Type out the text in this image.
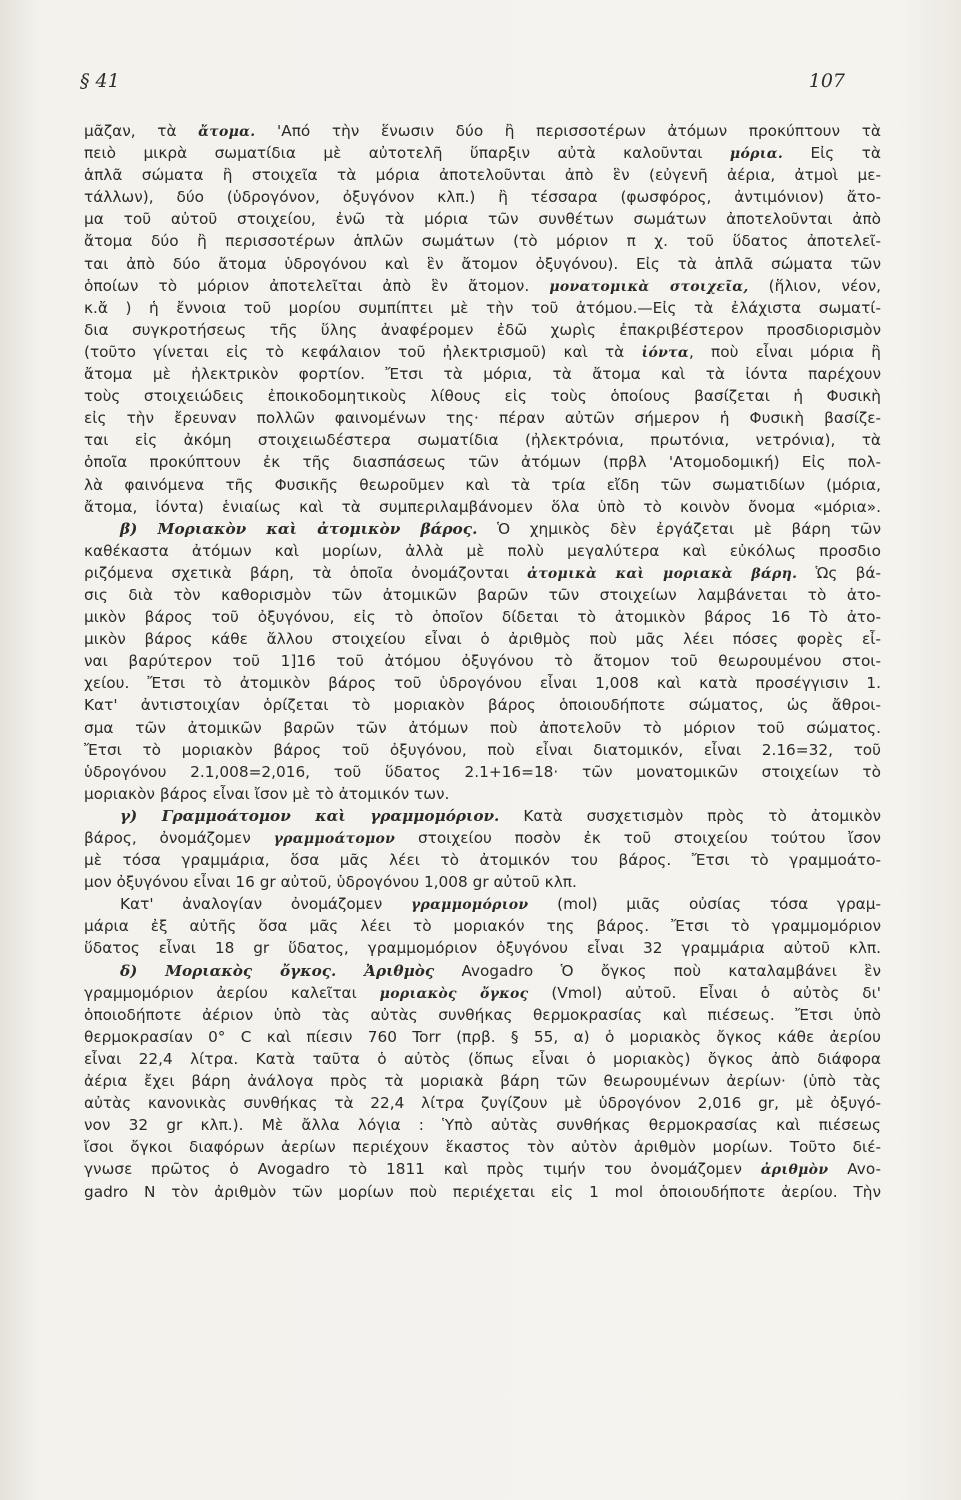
§ 41	107
μᾶζαν, τὰ ἄτομα. 'Από τὴν ἕνωσιν δύο ἢ περισσοτέρων ἀτόμων προκύπτουν τὰ
πειὸ μικρὰ σωματίδια μὲ αὐτοτελῆ ὕπαρξιν αὐτὰ καλοῦνται μόρια. Εἰς τὰ
ἁπλᾶ σώματα ἢ στοιχεῖα τὰ μόρια ἀποτελοῦνται ἀπὸ ἓν (εὐγενῆ ἀέρια, ἀτμοὶ με-
τάλλων), δύο (ὑδρογόνον, ὀξυγόνον κλπ.) ἢ τέσσαρα (φωσφόρος, ἀντιμόνιον) ἄτο-
μα τοῦ αὐτοῦ στοιχείου, ἐνῶ τὰ μόρια τῶν συνθέτων σωμάτων ἀποτελοῦνται ἀπὸ
ἄτομα δύο ἢ περισσοτέρων ἁπλῶν σωμάτων (τὸ μόριον π χ. τοῦ ὕδατος ἀποτελεῖ-
ται ἀπὸ δύο ἄτομα ὑδρογόνου καὶ ἓν ἄτομον ὀξυγόνου). Εἰς τὰ ἁπλᾶ σώματα τῶν
ὁποίων τὸ μόριον ἀποτελεῖται ἀπὸ ἓν ἄτομον. μονατομικὰ στοιχεῖα, (ἥλιον, νέον,
κ.ἄ ) ἡ ἔννοια τοῦ μορίου συμπίπτει μὲ τὴν τοῦ ἀτόμου.—Εἰς τὰ ἐλάχιστα σωματί-
δια συγκροτήσεως τῆς ὕλης ἀναφέρομεν ἐδῶ χωρὶς ἐπακριβέστερον προσδιορισμὸν
(τοῦτο γίνεται εἰς τὸ κεφάλαιον τοῦ ἠλεκτρισμοῦ) καὶ τὰ ἰόντα, ποὺ εἶναι μόρια ἢ
ἄτομα μὲ ἠλεκτρικὸν φορτίον. Ἔτσι τὰ μόρια, τὰ ἄτομα καὶ τὰ ἰόντα παρέχουν
τοὺς στοιχειώδεις ἐποικοδομητικοὺς λίθους εἰς τοὺς ὁποίους βασίζεται ἡ Φυσικὴ
εἰς τὴν ἔρευναν πολλῶν φαινομένων της· πέραν αὐτῶν σήμερον ἡ Φυσικὴ βασίζε-
ται εἰς ἀκόμη στοιχειωδέστερα σωματίδια (ἠλεκτρόνια, πρωτόνια, νετρόνια), τὰ
ὁποῖα προκύπτουν ἐκ τῆς διασπάσεως τῶν ἀτόμων (πρβλ 'Ατομοδομική) Εἰς πολ-
λὰ φαινόμενα τῆς Φυσικῆς θεωροῦμεν καὶ τὰ τρία εἴδη τῶν σωματιδίων (μόρια,
ἄτομα, ἰόντα) ἑνιαίως καὶ τὰ συμπεριλαμβάνομεν ὅλα ὑπὸ τὸ κοινὸν ὄνομα «μόρια».
β) Μοριακὸν καὶ ἀτομικὸν βάρος. Ὁ χημικὸς δὲν ἐργάζεται μὲ βάρη τῶν
καθέκαστα ἀτόμων καὶ μορίων, ἀλλὰ μὲ πολὺ μεγαλύτερα καὶ εὐκόλως προσδιο
ριζόμενα σχετικὰ βάρη, τὰ ὁποῖα ὀνομάζονται ἀτομικὰ καὶ μοριακὰ βάρη. Ὡς βά-
σις διὰ τὸν καθορισμὸν τῶν ἀτομικῶν βαρῶν τῶν στοιχείων λαμβάνεται τὸ ἀτο-
μικὸν βάρος τοῦ ὀξυγόνου, εἰς τὸ ὁποῖον δίδεται τὸ ἀτομικὸν βάρος 16 Τὸ ἀτο-
μικὸν βάρος κάθε ἄλλου στοιχείου εἶναι ὁ ἀριθμὸς ποὺ μᾶς λέει πόσες φορὲς εἶ-
ναι βαρύτερον τοῦ 1]16 τοῦ ἀτόμου ὀξυγόνου τὸ ἄτομον τοῦ θεωρουμένου στοι-
χείου. Ἔτσι τὸ ἀτομικὸν βάρος τοῦ ὑδρογόνου εἶναι 1,008 καὶ κατὰ προσέγγισιν 1.
Κατ' ἀντιστοιχίαν ὁρίζεται τὸ μοριακὸν βάρος ὁποιουδήποτε σώματος, ὡς ἄθροι-
σμα τῶν ἀτομικῶν βαρῶν τῶν ἀτόμων ποὺ ἀποτελοῦν τὸ μόριον τοῦ σώματος.
Ἔτσι τὸ μοριακὸν βάρος τοῦ ὀξυγόνου, ποὺ εἶναι διατομικόν, εἶναι 2.16=32, τοῦ
ὑδρογόνου 2.1,008=2,016, τοῦ ὕδατος 2.1+16=18· τῶν μονατομικῶν στοιχείων τὸ
μοριακὸν βάρος εἶναι ἴσον μὲ τὸ ἀτομικόν των.
γ) Γραμμοάτομον καὶ γραμμομόριον. Κατὰ συσχετισμὸν πρὸς τὸ ἀτομικὸν
βάρος, ὀνομάζομεν γραμμοάτομον στοιχείου ποσὸν ἐκ τοῦ στοιχείου τούτου ἴσον
μὲ τόσα γραμμάρια, ὅσα μᾶς λέει τὸ ἀτομικόν του βάρος. Ἔτσι τὸ γραμμοάτο-
μον ὀξυγόνου εἶναι 16 gr αὐτοῦ, ὑδρογόνου 1,008 gr αὐτοῦ κλπ.
Κατ' ἀναλογίαν ὀνομάζομεν γραμμομόριον (mol) μιᾶς οὐσίας τόσα γραμ-
μάρια ἐξ αὐτῆς ὅσα μᾶς λέει τὸ μοριακόν της βάρος. Ἔτσι τὸ γραμμομόριον
ὕδατος εἶναι 18 gr ὕδατος, γραμμομόριον ὀξυγόνου εἶναι 32 γραμμάρια αὐτοῦ κλπ.
δ) Μοριακὸς ὄγκος. Ἀριθμὸς Avogadro Ὁ ὄγκος ποὺ καταλαμβάνει ἓν
γραμμομόριον ἀερίου καλεῖται μοριακὸς ὄγκος (Vmol) αὐτοῦ. Εἶναι ὁ αὐτὸς δι'
ὁποιοδήποτε ἀέριον ὑπὸ τὰς αὐτὰς συνθήκας θερμοκρασίας καὶ πιέσεως. Ἔτσι ὑπὸ
θερμοκρασίαν 0° C καὶ πίεσιν 760 Torr (πρβ. § 55, α) ὁ μοριακὸς ὄγκος κάθε ἀερίου
εἶναι 22,4 λίτρα. Κατὰ ταῦτα ὁ αὐτὸς (ὅπως εἶναι ὁ μοριακὸς) ὄγκος ἀπὸ διάφορα
ἀέρια ἔχει βάρη ἀνάλογα πρὸς τὰ μοριακὰ βάρη τῶν θεωρουμένων ἀερίων· (ὑπὸ τὰς
αὐτὰς κανονικὰς συνθήκας τὰ 22,4 λίτρα ζυγίζουν μὲ ὑδρογόνον 2,016 gr, μὲ ὀξυγό-
νον 32 gr κλπ.). Μὲ ἄλλα λόγια : Ὑπὸ αὐτὰς συνθήκας θερμοκρασίας καὶ πιέσεως
ἴσοι ὄγκοι διαφόρων ἀερίων περιέχουν ἕκαστος τὸν αὐτὸν ἀριθμὸν μορίων. Τοῦτο διέ-
γνωσε πρῶτος ὁ Avogadro τὸ 1811 καὶ πρὸς τιμήν του ὀνομάζομεν ἀριθμὸν Avo-
gadro N τὸν ἀριθμὸν τῶν μορίων ποὺ περιέχεται εἰς 1 mol ὁποιουδήποτε ἀερίου. Τὴν
